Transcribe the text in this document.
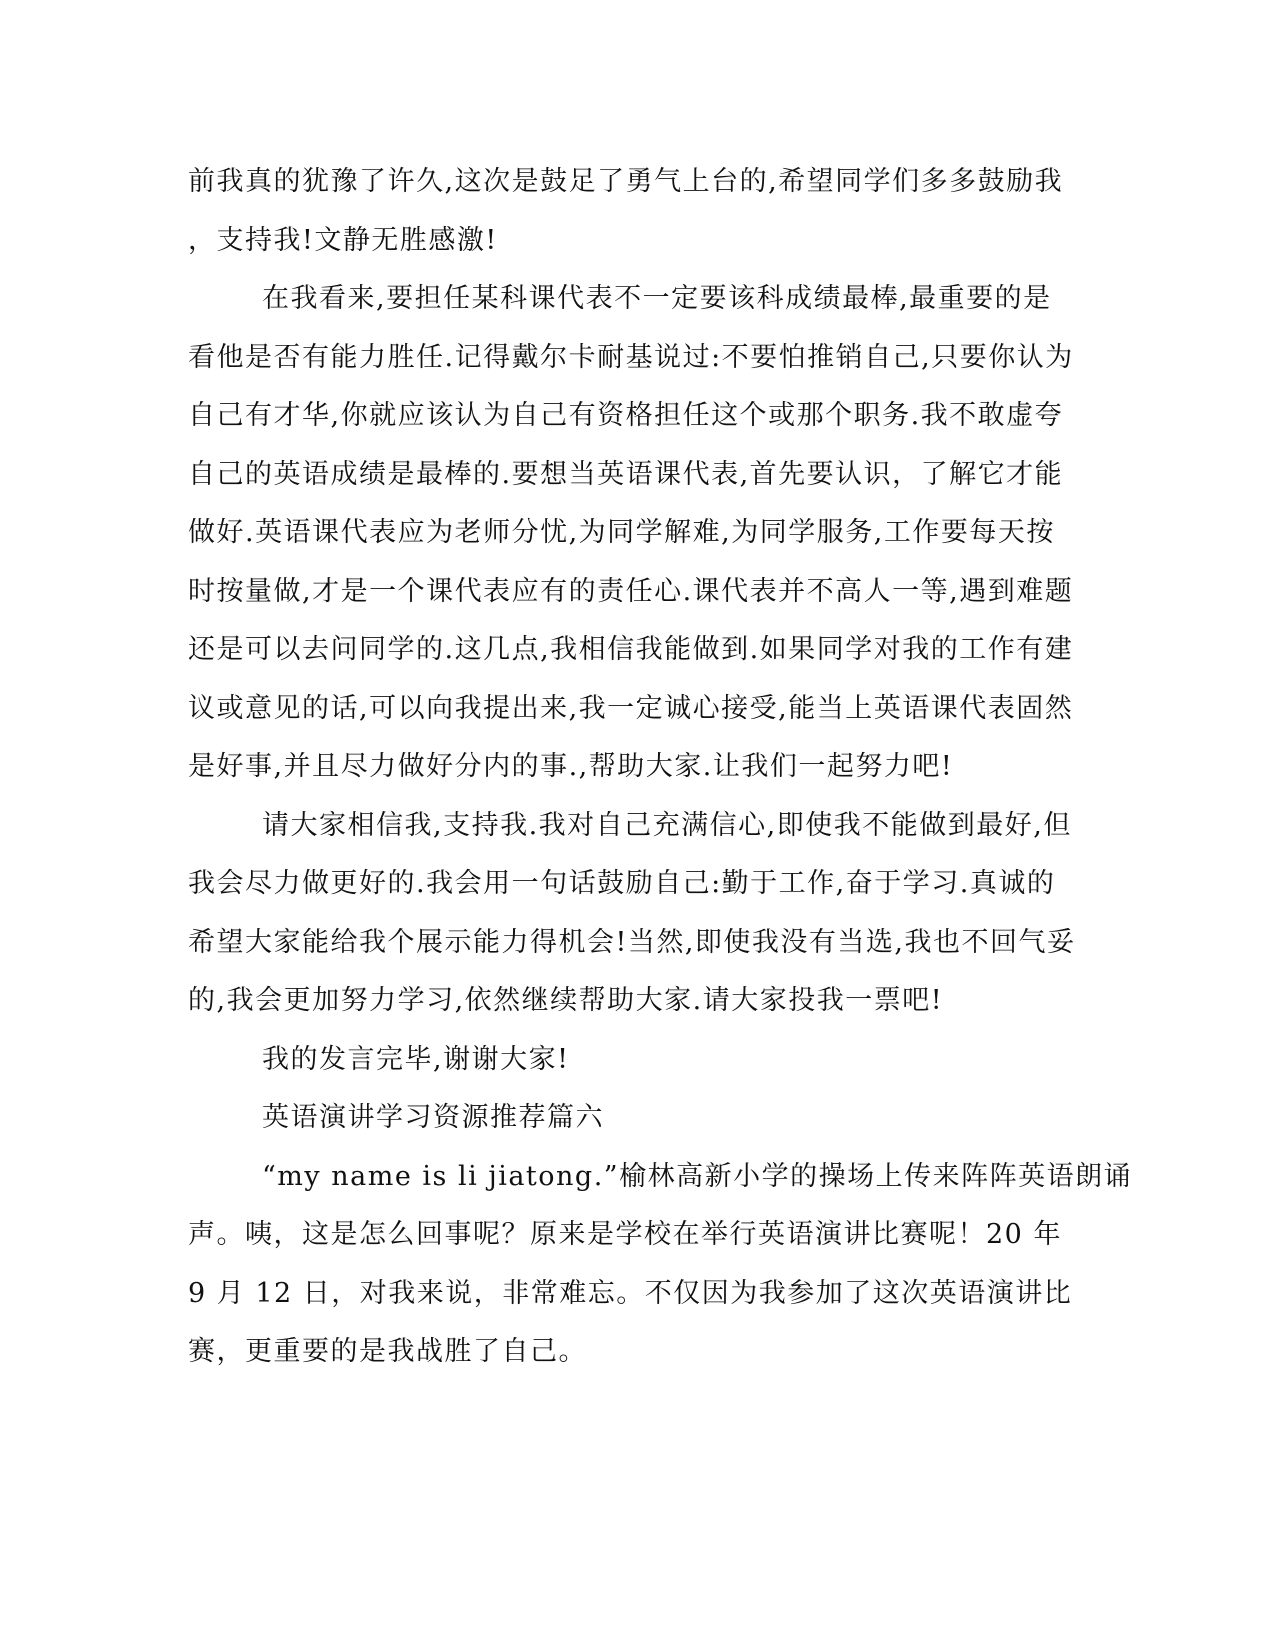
前我真的犹豫了许久,这次是鼓足了勇气上台的,希望同学们多多鼓励我
，支持我!文静无胜感激!
在我看来,要担任某科课代表不一定要该科成绩最棒,最重要的是
看他是否有能力胜任.记得戴尔卡耐基说过:不要怕推销自己,只要你认为
自己有才华,你就应该认为自己有资格担任这个或那个职务.我不敢虚夸
自己的英语成绩是最棒的.要想当英语课代表,首先要认识，了解它才能
做好.英语课代表应为老师分忧,为同学解难,为同学服务,工作要每天按
时按量做,才是一个课代表应有的责任心.课代表并不高人一等,遇到难题
还是可以去问同学的.这几点,我相信我能做到.如果同学对我的工作有建
议或意见的话,可以向我提出来,我一定诚心接受,能当上英语课代表固然
是好事,并且尽力做好分内的事.,帮助大家.让我们一起努力吧!
请大家相信我,支持我.我对自己充满信心,即使我不能做到最好,但
我会尽力做更好的.我会用一句话鼓励自己:勤于工作,奋于学习.真诚的
希望大家能给我个展示能力得机会!当然,即使我没有当选,我也不回气妥
的,我会更加努力学习,依然继续帮助大家.请大家投我一票吧!
我的发言完毕,谢谢大家!
英语演讲学习资源推荐篇六
“my name is li jiatong.”榆林高新小学的操场上传来阵阵英语朗诵
声。咦，这是怎么回事呢？原来是学校在举行英语演讲比赛呢！20 年
9 月 12 日，对我来说，非常难忘。不仅因为我参加了这次英语演讲比
赛，更重要的是我战胜了自己。
